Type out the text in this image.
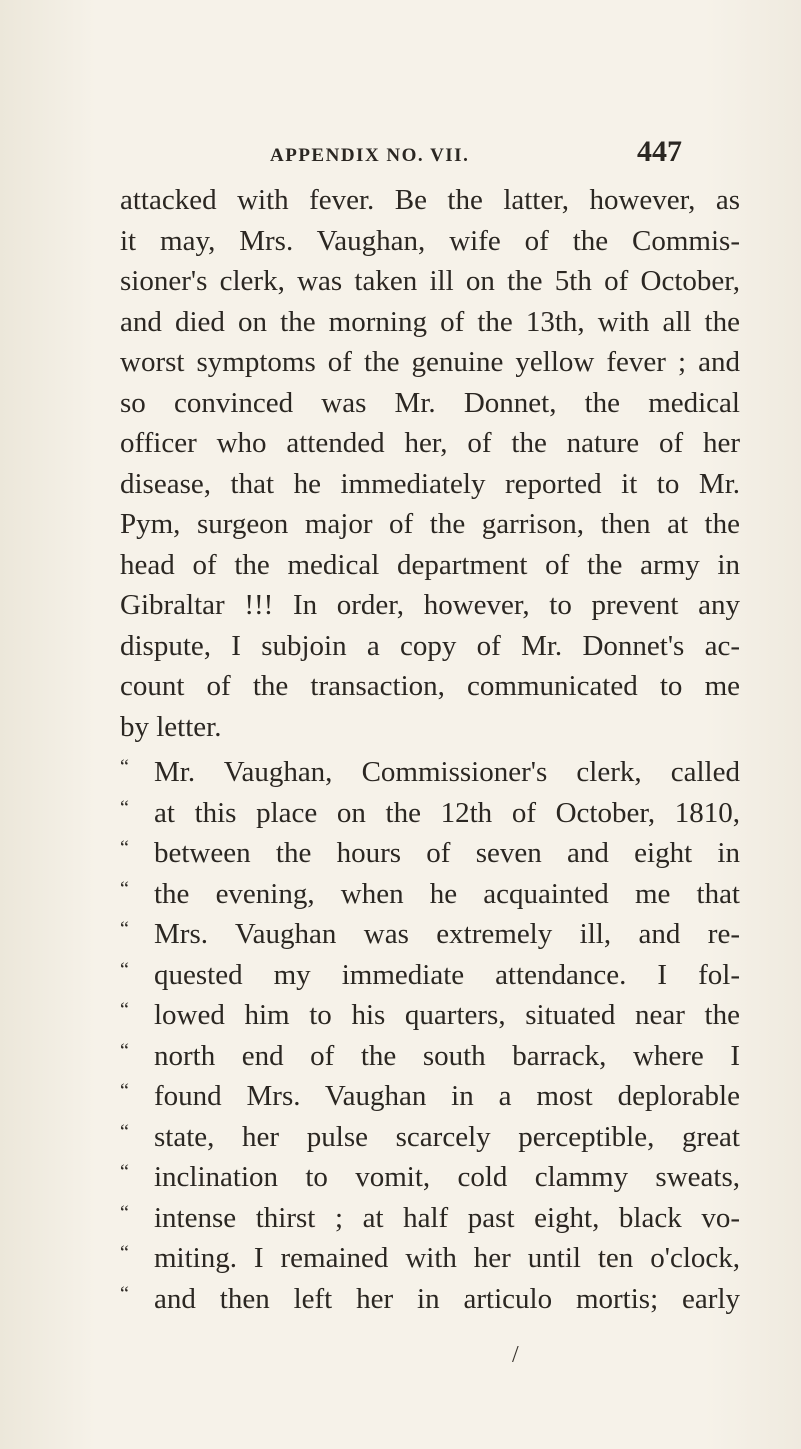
APPENDIX NO. VII.	447
attacked with fever. Be the latter, however, as
it may, Mrs. Vaughan, wife of the Commis-
sioner's clerk, was taken ill on the 5th of October,
and died on the morning of the 13th, with all the
worst symptoms of the genuine yellow fever ; and
so convinced was Mr. Donnet, the medical
officer who attended her, of the nature of her
disease, that he immediately reported it to Mr.
Pym, surgeon major of the garrison, then at the
head of the medical department of the army in
Gibraltar !!! In order, however, to prevent any
dispute, I subjoin a copy of Mr. Donnet's ac-
count of the transaction, communicated to me
by letter.
“ Mr. Vaughan, Commissioner's clerk, called
“ at this place on the 12th of October, 1810,
“ between the hours of seven and eight in
“ the evening, when he acquainted me that
“ Mrs. Vaughan was extremely ill, and re-
“ quested my immediate attendance. I fol-
“ lowed him to his quarters, situated near the
“ north end of the south barrack, where I
“ found Mrs. Vaughan in a most deplorable
“ state, her pulse scarcely perceptible, great
“ inclination to vomit, cold clammy sweats,
“ intense thirst ; at half past eight, black vo-
“ miting. I remained with her until ten o'clock,
“ and then left her in articulo mortis; early
/
